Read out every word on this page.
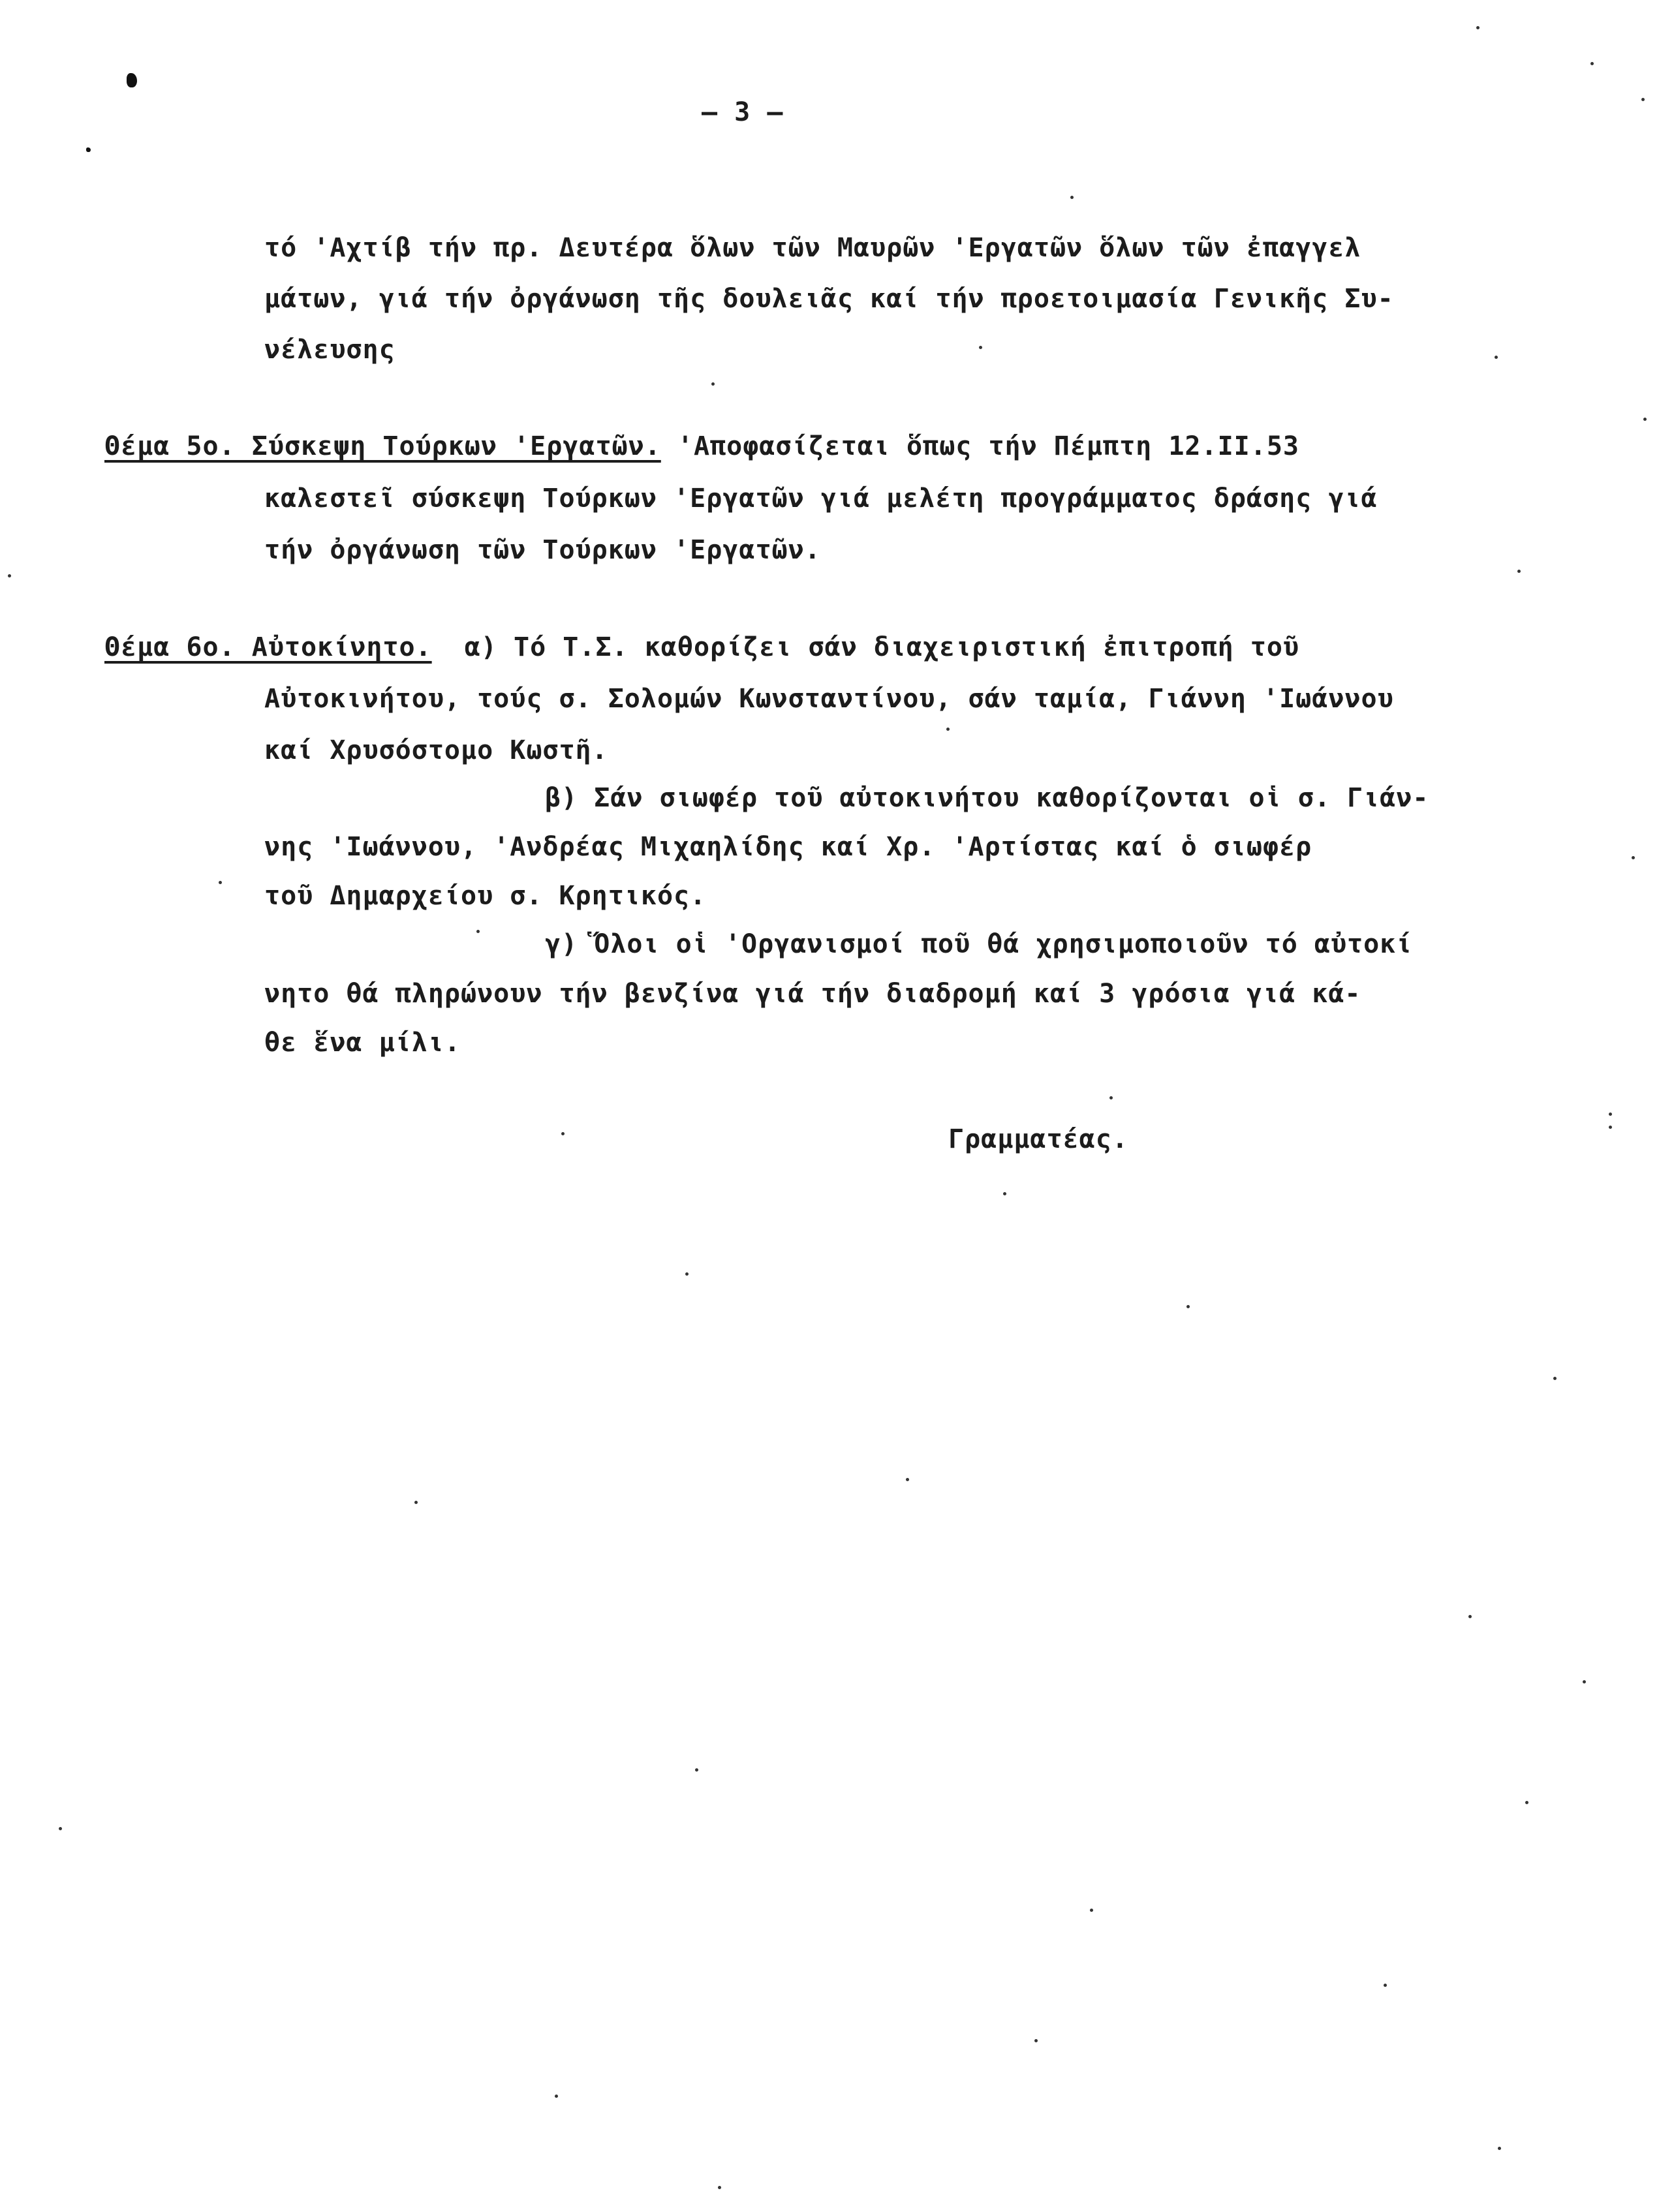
– 3 –
τό 'Αχτίβ τήν πρ. Δευτέρα ὅλων τῶν Μαυρῶν 'Εργατῶν ὅλων τῶν ἐπαγγελ
μάτων, γιά τήν ὀργάνωση τῆς δουλειᾶς καί τήν προετοιμασία Γενικῆς Συ-
νέλευσης
Θέμα 5ο. Σύσκεψη Τούρκων 'Εργατῶν. 'Αποφασίζεται ὅπως τήν Πέμπτη 12.II.53
καλεστεῖ σύσκεψη Τούρκων 'Εργατῶν γιά μελέτη προγράμματος δράσης γιά
τήν ὀργάνωση τῶν Τούρκων 'Εργατῶν.
Θέμα 6ο. Αὐτοκίνητο.  α) Τό Τ.Σ. καθορίζει σάν διαχειριστική ἐπιτροπή τοῦ
Αὐτοκινήτου, τούς σ. Σολομών Κωνσταντίνου, σάν ταμία, Γιάννη 'Ιωάννου
καί Χρυσόστομο Κωστῆ.
β) Σάν σιωφέρ τοῦ αὐτοκινήτου καθορίζονται οἱ σ. Γιάν-
νης 'Ιωάννου, 'Ανδρέας Μιχαηλίδης καί Χρ. 'Αρτίστας καί ὁ σιωφέρ
τοῦ Δημαρχείου σ. Κρητικός.
γ) Ὅλοι οἱ 'Οργανισμοί ποῦ θά χρησιμοποιοῦν τό αὐτοκί
νητο θά πληρώνουν τήν βενζίνα γιά τήν διαδρομή καί 3 γρόσια γιά κά-
θε ἕνα μίλι.
Γραμματέας.
